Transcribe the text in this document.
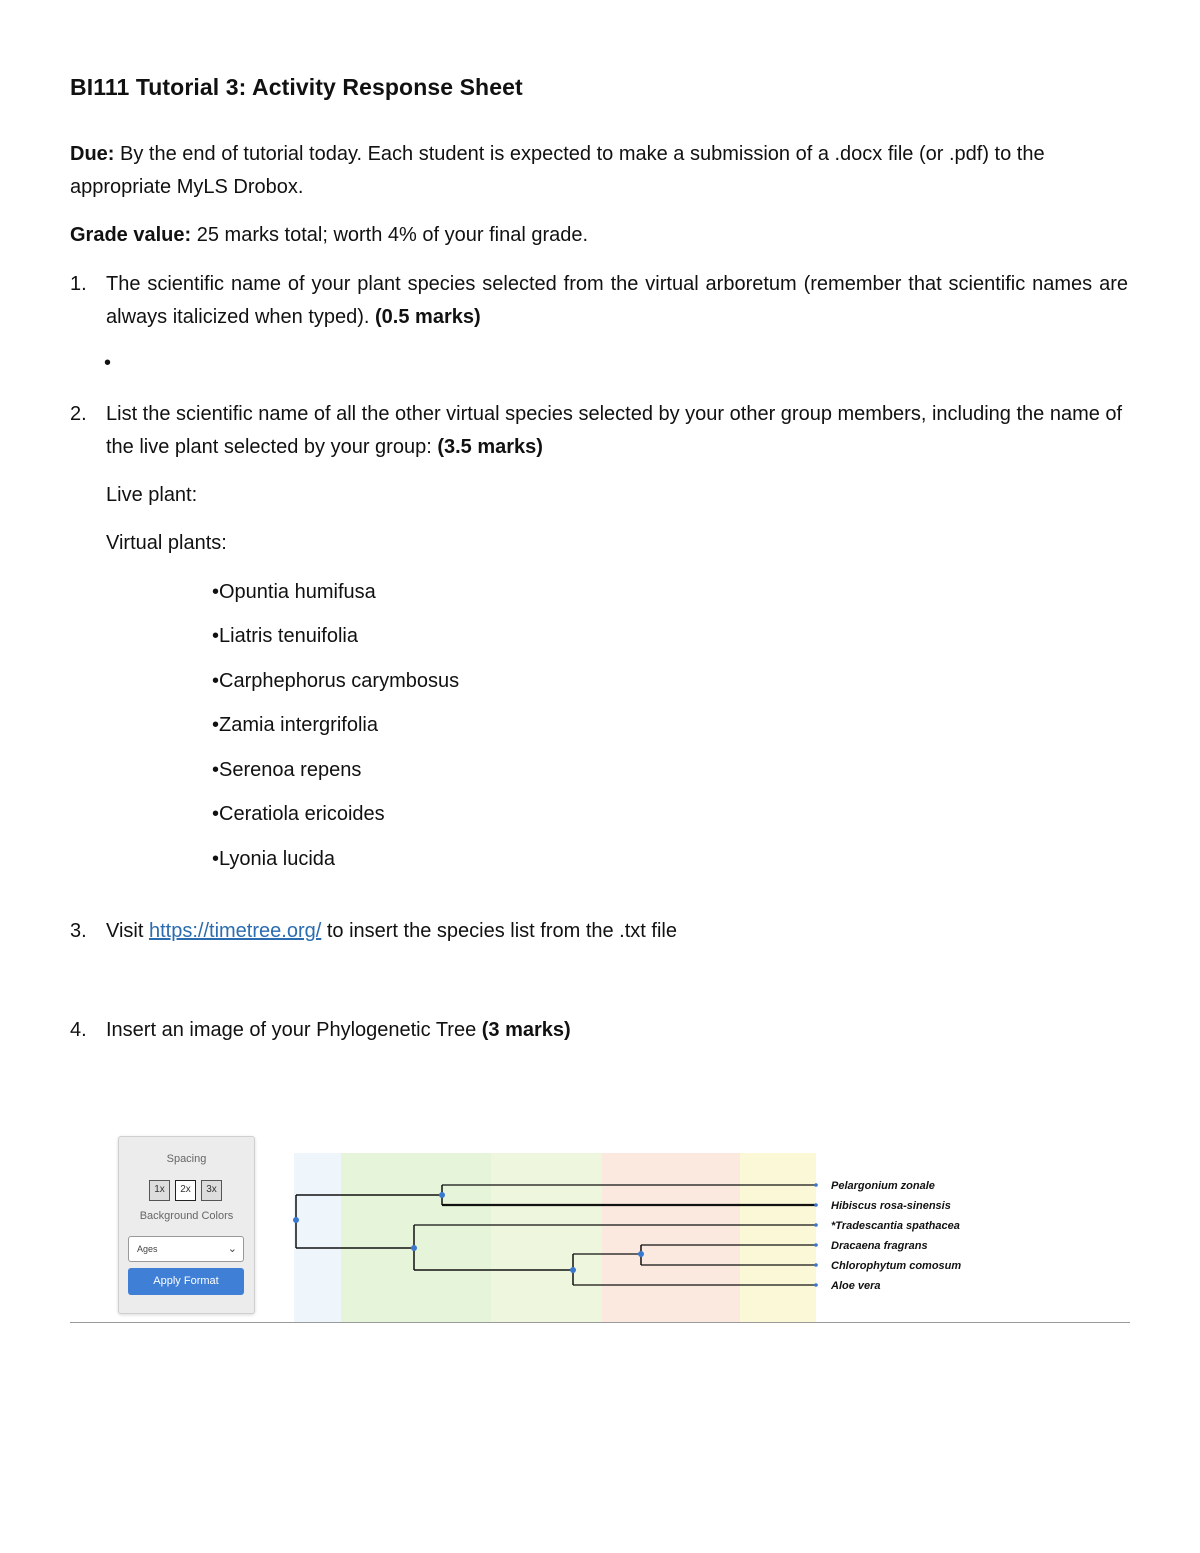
BI111 Tutorial 3: Activity Response Sheet
Due: By the end of tutorial today. Each student is expected to make a submission of a .docx file (or .pdf) to the appropriate MyLS Drobox.
Grade value: 25 marks total; worth 4% of your final grade.
1. The scientific name of your plant species selected from the virtual arboretum (remember that scientific names are always italicized when typed). (0.5 marks)
•
2. List the scientific name of all the other virtual species selected by your other group members, including the name of the live plant selected by your group: (3.5 marks)
Live plant:
Virtual plants:
•Opuntia humifusa
•Liatris tenuifolia
•Carphephorus carymbosus
•Zamia intergrifolia
•Serenoa repens
•Ceratiola ericoides
•Lyonia lucida
3. Visit https://timetree.org/ to insert the species list from the .txt file
4. Insert an image of your Phylogenetic Tree (3 marks)
Spacing
1x	2x	3x
Background Colors
Ages	⌄
Apply Format
Pelargonium zonale
Hibiscus rosa-sinensis
*Tradescantia spathacea
Dracaena fragrans
Chlorophytum comosum
Aloe vera
